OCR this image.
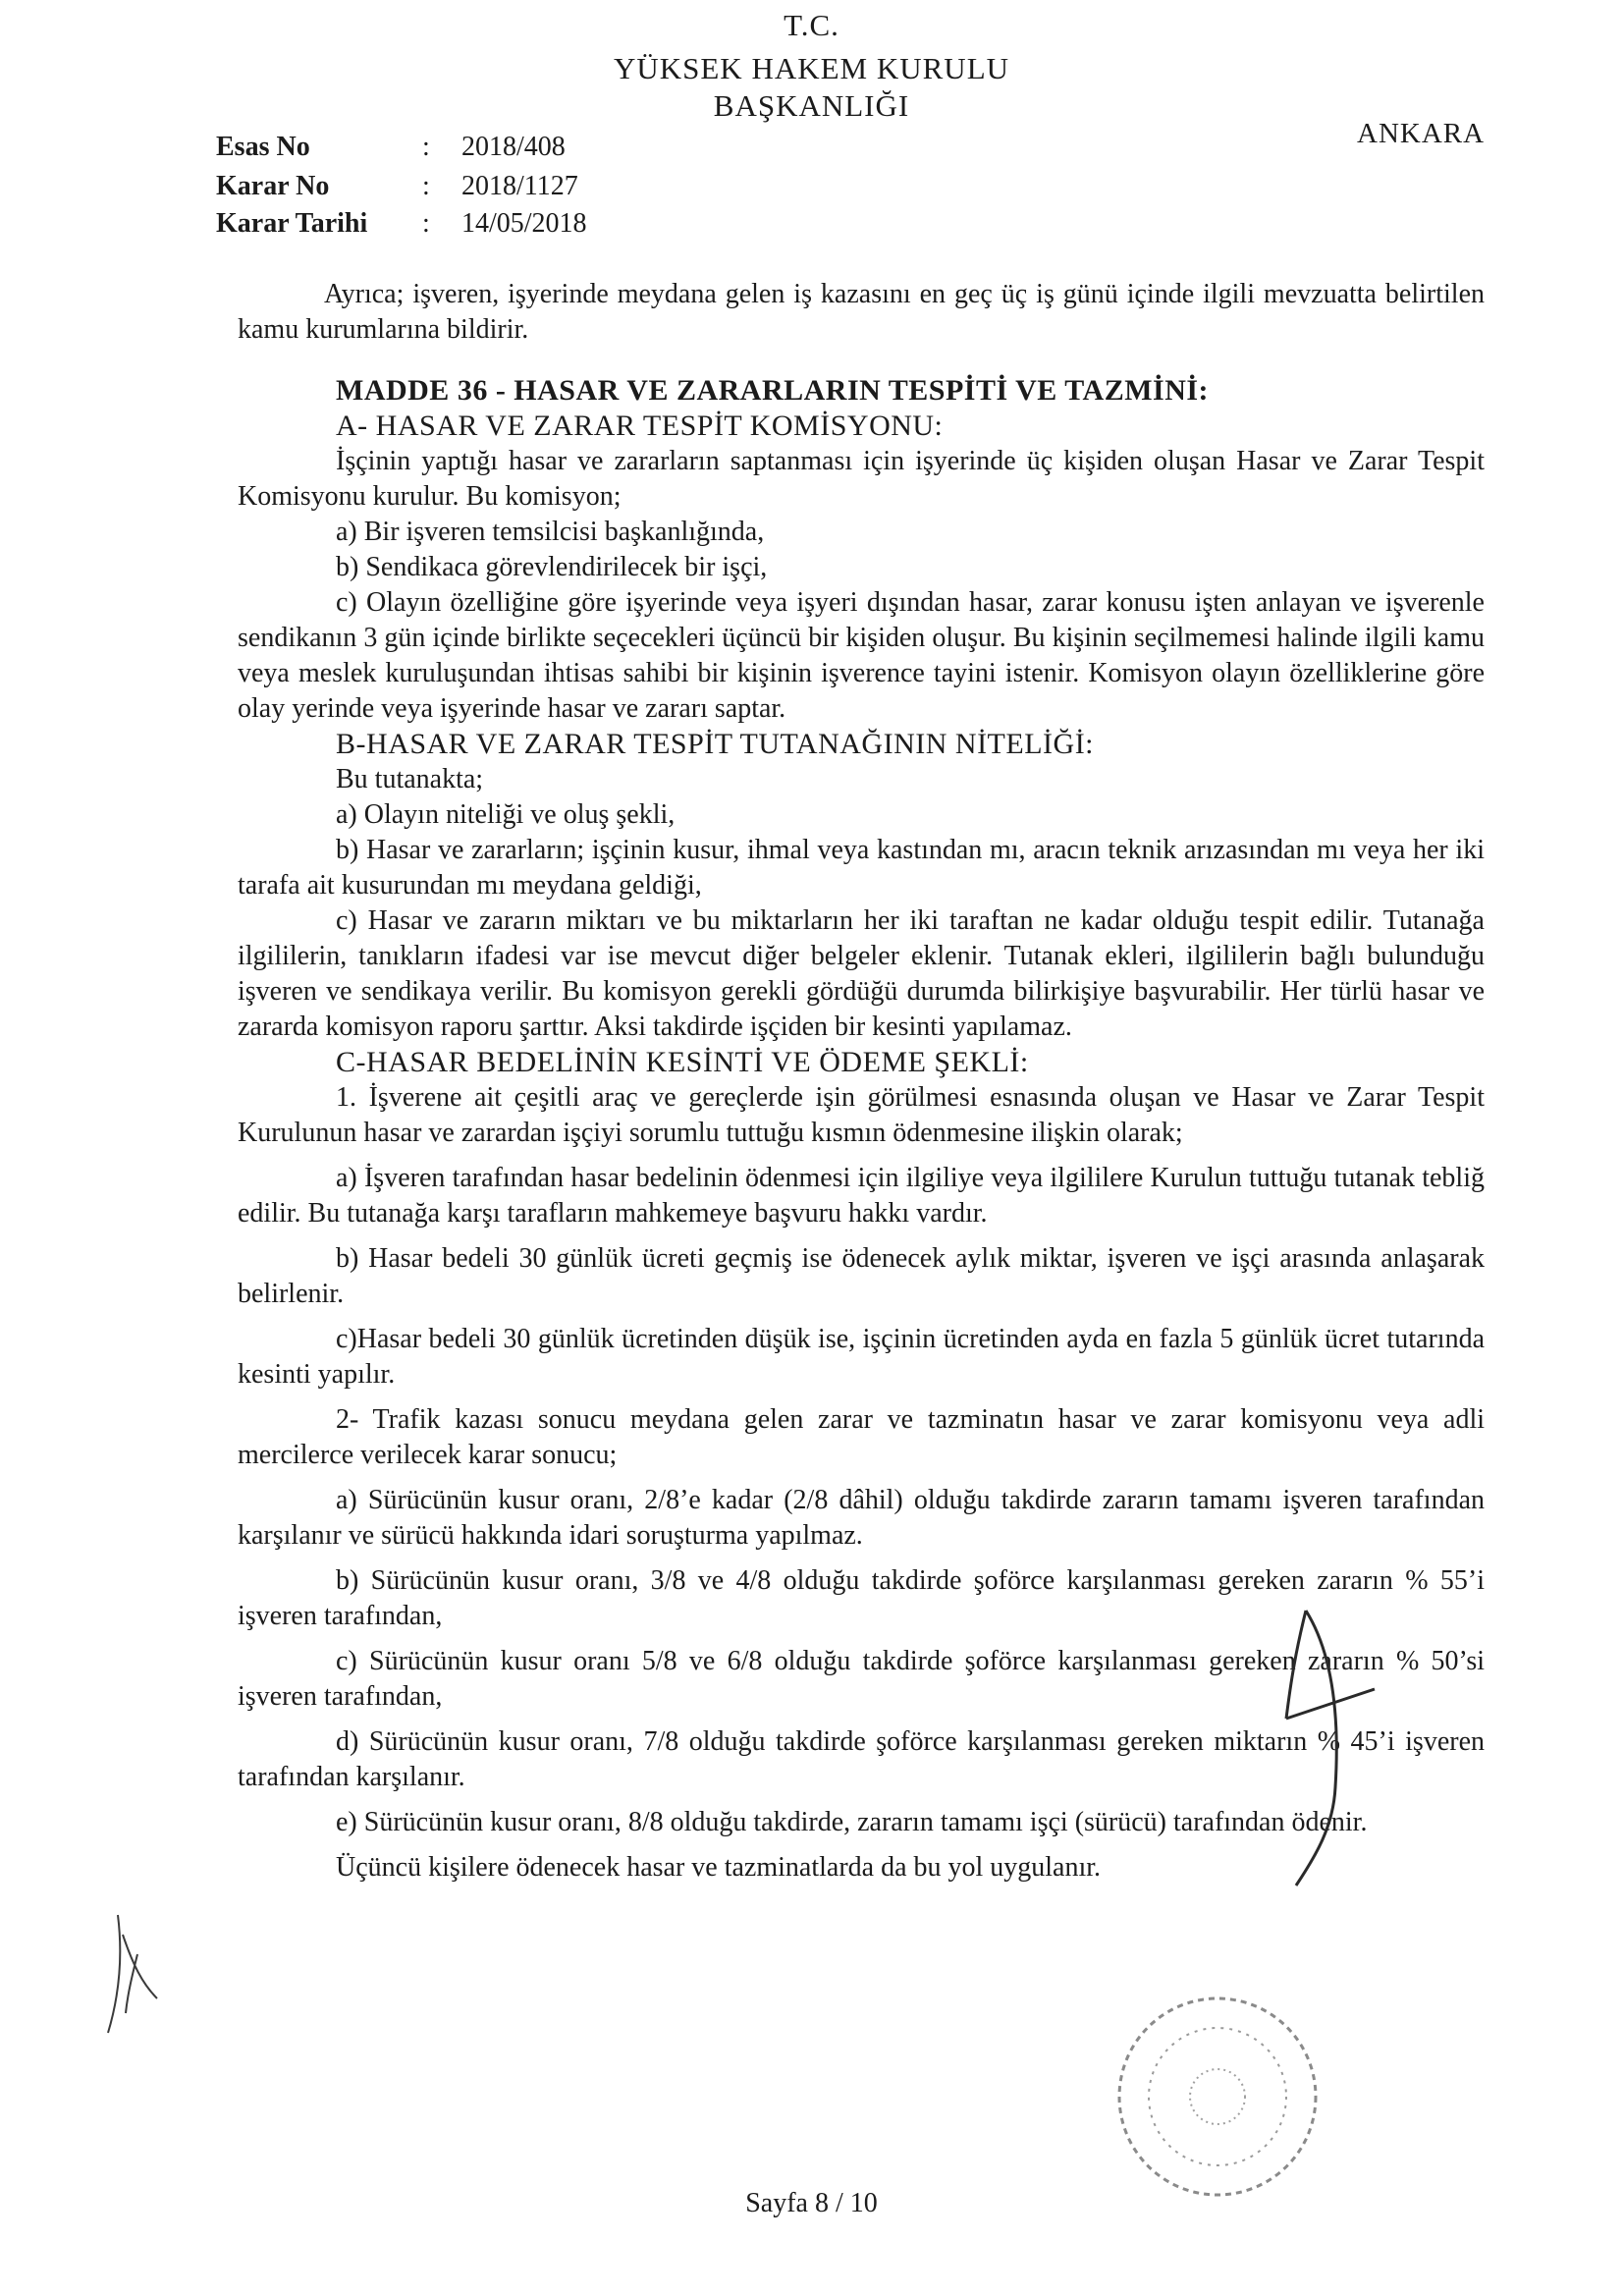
T.C.
YÜKSEK HAKEM KURULU
BAŞKANLIĞI
ANKARA
Esas No	: 2018/408
Karar No	: 2018/1127
Karar Tarihi : 14/05/2018

Ayrıca; işveren, işyerinde meydana gelen iş kazasını en geç üç iş günü içinde ilgili mevzuatta belirtilen kamu kurumlarına bildirir.

MADDE 36 - HASAR VE ZARARLARIN TESPİTİ VE TAZMİNİ:
A- HASAR VE ZARAR TESPİT KOMİSYONU:

İşçinin yaptığı hasar ve zararların saptanması için işyerinde üç kişiden oluşan Hasar ve Zarar Tespit Komisyonu kurulur. Bu komisyon;

a) Bir işveren temsilcisi başkanlığında,

b) Sendikaca görevlendirilecek bir işçi,

c) Olayın özelliğine göre işyerinde veya işyeri dışından hasar, zarar konusu işten anlayan ve işverenle sendikanın 3 gün içinde birlikte seçecekleri üçüncü bir kişiden oluşur. Bu kişinin seçilmemesi halinde ilgili kamu veya meslek kuruluşundan ihtisas sahibi bir kişinin işverence tayini istenir. Komisyon olayın özelliklerine göre olay yerinde veya işyerinde hasar ve zararı saptar.

B-HASAR VE ZARAR TESPİT TUTANAĞININ NİTELİĞİ:

Bu tutanakta;

a) Olayın niteliği ve oluş şekli,

b) Hasar ve zararların; işçinin kusur, ihmal veya kastından mı, aracın teknik arızasından mı veya her iki tarafa ait kusurundan mı meydana geldiği,

c) Hasar ve zararın miktarı ve bu miktarların her iki taraftan ne kadar olduğu tespit edilir. Tutanağa ilgililerin, tanıkların ifadesi var ise mevcut diğer belgeler eklenir. Tutanak ekleri, ilgililerin bağlı bulunduğu işveren ve sendikaya verilir. Bu komisyon gerekli gördüğü durumda bilirkişiye başvurabilir. Her türlü hasar ve zararda komisyon raporu şarttır. Aksi takdirde işçiden bir kesinti yapılamaz.

C-HASAR BEDELİNİN KESİNTİ VE ÖDEME ŞEKLİ:

1. İşverene ait çeşitli araç ve gereçlerde işin görülmesi esnasında oluşan ve Hasar ve Zarar Tespit Kurulunun hasar ve zarardan işçiyi sorumlu tuttuğu kısmın ödenmesine ilişkin olarak;

a) İşveren tarafından hasar bedelinin ödenmesi için ilgiliye veya ilgililere Kurulun tuttuğu tutanak tebliğ edilir. Bu tutanağa karşı tarafların mahkemeye başvuru hakkı vardır.

b) Hasar bedeli 30 günlük ücreti geçmiş ise ödenecek aylık miktar, işveren ve işçi arasında anlaşarak belirlenir.

c)Hasar bedeli 30 günlük ücretinden düşük ise, işçinin ücretinden ayda en fazla 5 günlük ücret tutarında kesinti yapılır.

2- Trafik kazası sonucu meydana gelen zarar ve tazminatın hasar ve zarar komisyonu veya adli mercilerce verilecek karar sonucu;

a) Sürücünün kusur oranı, 2/8’e kadar (2/8 dâhil) olduğu takdirde zararın tamamı işveren tarafından karşılanır ve sürücü hakkında idari soruşturma yapılmaz.

b) Sürücünün kusur oranı, 3/8 ve 4/8 olduğu takdirde şoförce karşılanması gereken zararın % 55’i işveren tarafından,

c) Sürücünün kusur oranı 5/8 ve 6/8 olduğu takdirde şoförce karşılanması gereken zararın % 50’si işveren tarafından,

d) Sürücünün kusur oranı, 7/8 olduğu takdirde şoförce karşılanması gereken miktarın % 45’i işveren tarafından karşılanır.

e) Sürücünün kusur oranı, 8/8 olduğu takdirde, zararın tamamı işçi (sürücü) tarafından ödenir.

Üçüncü kişilere ödenecek hasar ve tazminatlarda da bu yol uygulanır.

Sayfa 8 / 10
